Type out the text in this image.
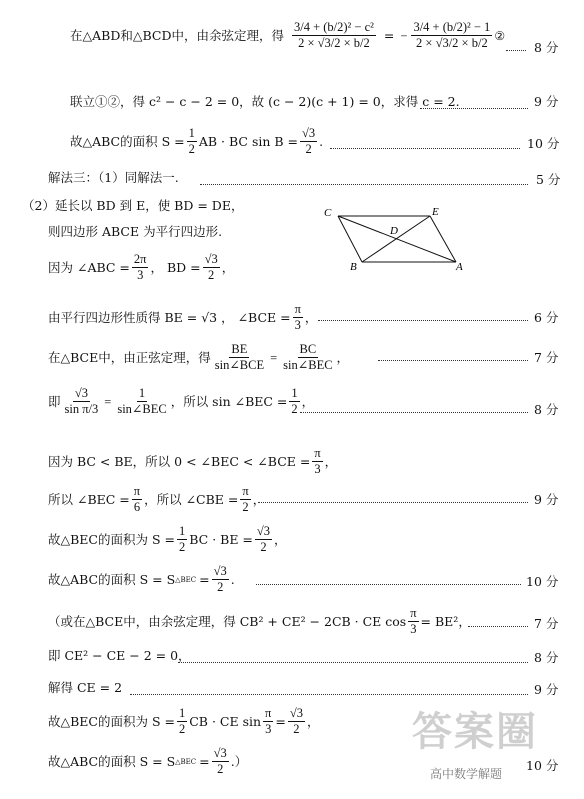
在△ABD和△BCD中，由余弦定理，得 $\frac{\text{3/4 + (b/2)² − c²}}{2 \times √3/2 \times b/2}$ = − $\frac{\text{3/4 + (b/2)² − 1}}{2 \times √3/2 \times b/2}$ ②
8 分
联立①②，得 c² − c − 2 = 0，故 (c − 2)(c + 1) = 0，求得 c = 2.	9 分
故△ABC的面积 $S = \frac{1}{2}$ AB · BC $\sin B = \frac{√3}{2}$ .	10 分
解法三：（1）同解法一.	5 分
（2）延长以 BD 到 E，使 BD = DE，
则四边形 ABCE 为平行四边形.
C	E
D
B	A
因为 ∠ABC = $\frac{2\pi}{3}$ ， BD = $\frac{√3}{2}$ ，
由平行四边形性质得 BE = √3 ， ∠BCE = $\frac{\pi}{3}$ ，	6 分
在△BCE中，由正弦定理，得 $\frac{BE}{\text{sin∠BCE}} = \frac{BC}{\text{sin∠BEC}}$ ，	7 分
即 $\frac{√3}{\text{sin π/3}} = \frac{1}{\text{sin∠BEC}}$ ，所以 sin ∠BEC = $\frac{1}{2}$ ，
8 分
因为 BC < BE，所以 0 < ∠BEC < ∠BCE = $\frac{\pi}{3}$ ，
所以 ∠BEC = $\frac{\pi}{6}$ ，所以 ∠CBE = $\frac{\pi}{2}$ ，	9 分
故△BEC的面积为 $S = \frac{1}{2}$ BC · BE = $\frac{√3}{2}$ ，
故△ABC的面积 S = S △BEC = $\frac{√3}{2}$ .	10 分
（或在△BCE中，由余弦定理，得 CB² + CE² − 2CB · CE $\cos \frac{\pi}{3} = BE^2$，	7 分
即 CE² − CE − 2 = 0，	8 分
解得 CE = 2	9 分
故△BEC的面积为 $S = \frac{1}{2}$ CB · CE $\sin \frac{\pi}{3} = \frac{√3}{2}$ ，
故△ABC的面积 S = S △BEC = $\frac{√3}{2}$ .）	10 分
答案圈
高中数学解题
